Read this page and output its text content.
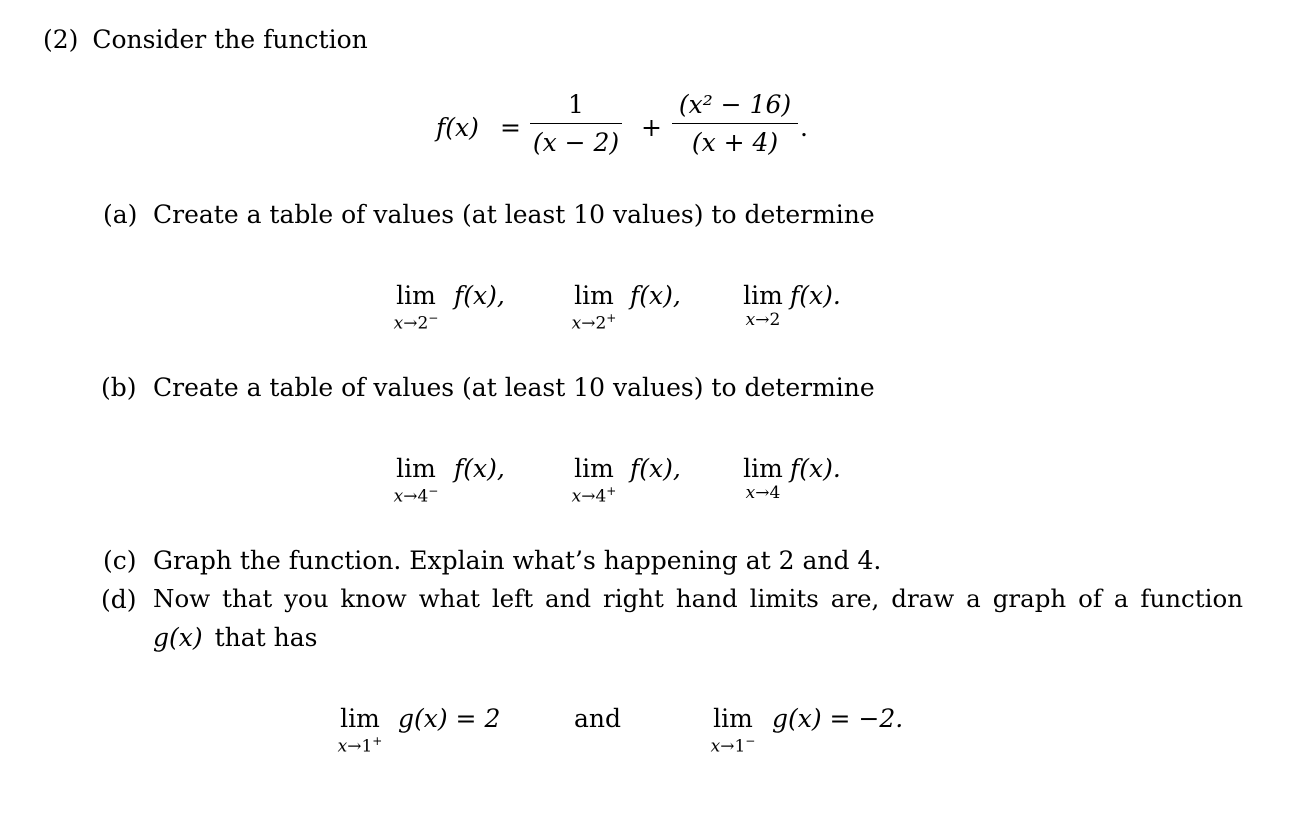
(2) Consider the function
f(x) =
1
(x − 2)
+
(x² − 16)
(x + 4)
.
(a) Create a table of values (at least 10 values) to determine
lim
x→2−
f(x),	lim
x→2+
f(x), lim
x→2
f(x).
(b) Create a table of values (at least 10 values) to determine
lim
x→4−
f(x),	lim
x→4+
f(x), lim
x→4
f(x).
(c) Graph the function. Explain what’s happening at 2 and 4.
(d) Now that you know what left and right hand limits are, draw a graph of a function
g(x) that has
lim
x→1+
g(x) = 2	and	lim
x→1−
g(x) = −2.
